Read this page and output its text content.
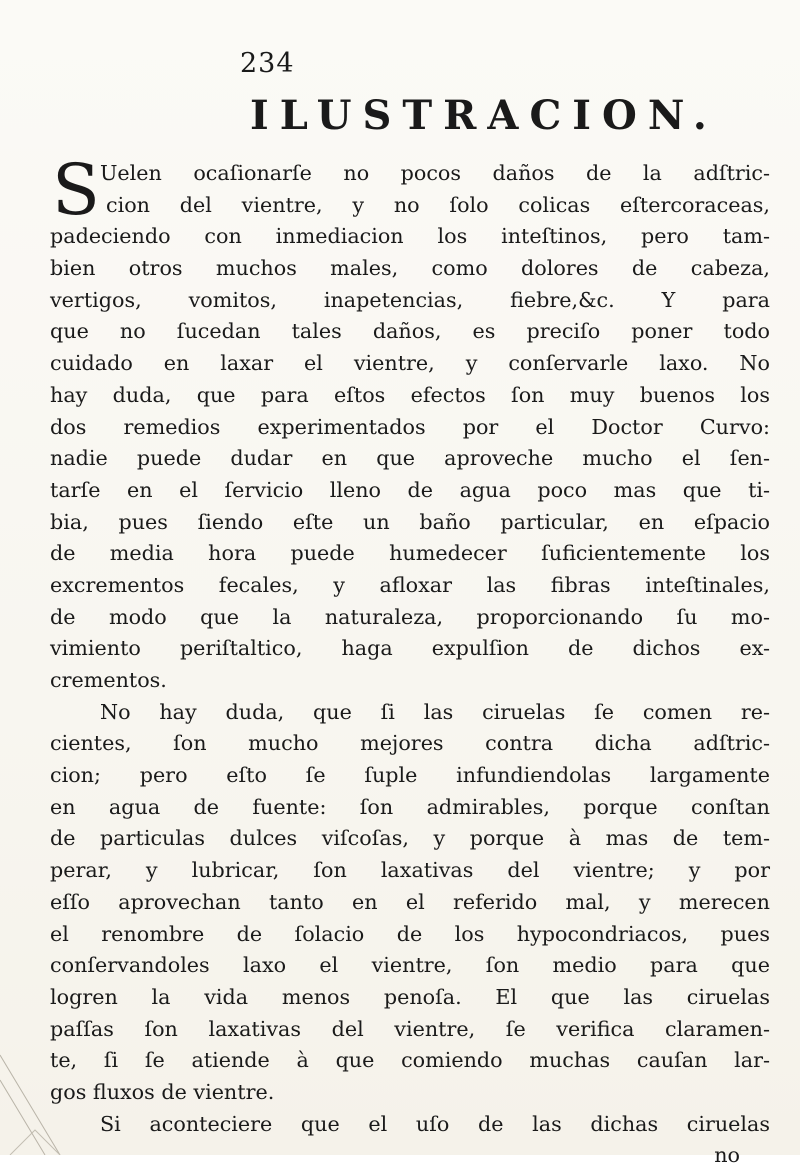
234
ILUSTRACION.
S Uelen ocaſionarſe no pocos daños de la adſtric-
cion del vientre, y no ſolo colicas eſtercoraceas,
padeciendo con inmediacion los inteſtinos, pero tam-
bien otros muchos males, como dolores de cabeza,
vertigos, vomitos, inapetencias, fiebre,&c. Y para
que no ſucedan tales daños, es preciſo poner todo
cuidado en laxar el vientre, y conſervarle laxo. No
hay duda, que para eſtos efectos ſon muy buenos los
dos remedios experimentados por el Doctor Curvo:
nadie puede dudar en que aproveche mucho el ſen-
tarſe en el ſervicio lleno de agua poco mas que ti-
bia, pues ſiendo eſte un baño particular, en eſpacio
de media hora puede humedecer ſuficientemente los
excrementos fecales, y afloxar las fibras inteſtinales,
de modo que la naturaleza, proporcionando ſu mo-
vimiento periſtaltico, haga expulſion de dichos ex-
crementos.
No hay duda, que ſi las ciruelas ſe comen re-
cientes, ſon mucho mejores contra dicha adſtric-
cion; pero eſto ſe ſuple infundiendolas largamente
en agua de fuente: ſon admirables, porque conſtan
de particulas dulces viſcoſas, y porque à mas de tem-
perar, y lubricar, ſon laxativas del vientre; y por
eſſo aprovechan tanto en el referido mal, y merecen
el renombre de ſolacio de los hypocondriacos, pues
conſervandoles laxo el vientre, ſon medio para que
logren la vida menos penoſa. El que las ciruelas
paſſas ſon laxativas del vientre, ſe verifica claramen-
te, ſi ſe atiende à que comiendo muchas cauſan lar-
gos fluxos de vientre.
Si aconteciere que el uſo de las dichas ciruelas
no
